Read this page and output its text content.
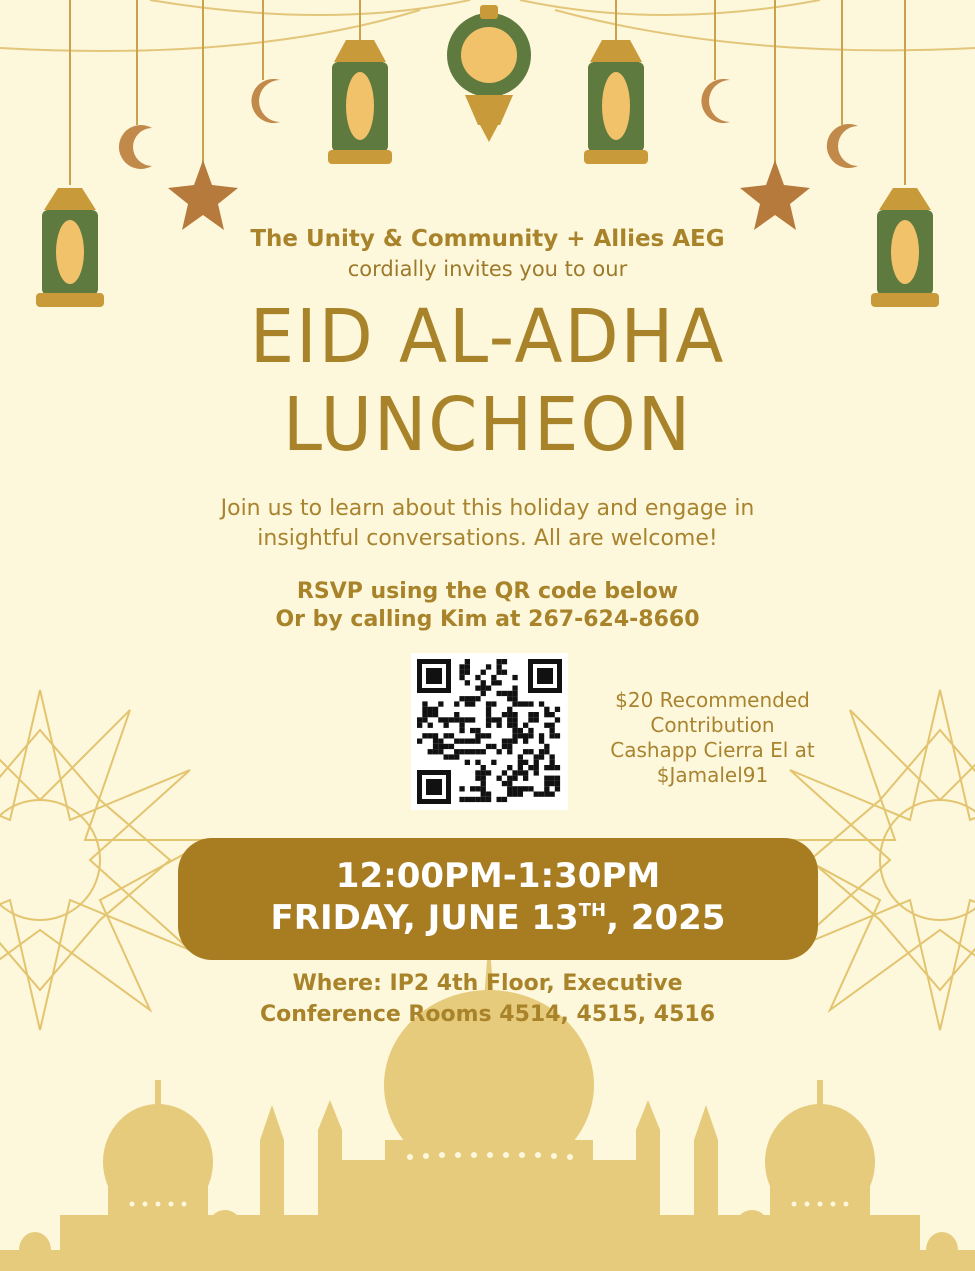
The Unity & Community + Allies AEG
cordially invites you to our
EID AL-ADHA
LUNCHEON
Join us to learn about this holiday and engage in
insightful conversations. All are welcome!
RSVP using the QR code below
Or by calling Kim at 267-624-8660
$20 Recommended
Contribution
Cashapp Cierra El at
$Jamalel91
12:00PM-1:30PM
FRIDAY, JUNE 13TH, 2025
Where: IP2 4th Floor, Executive
Conference Rooms 4514, 4515, 4516
